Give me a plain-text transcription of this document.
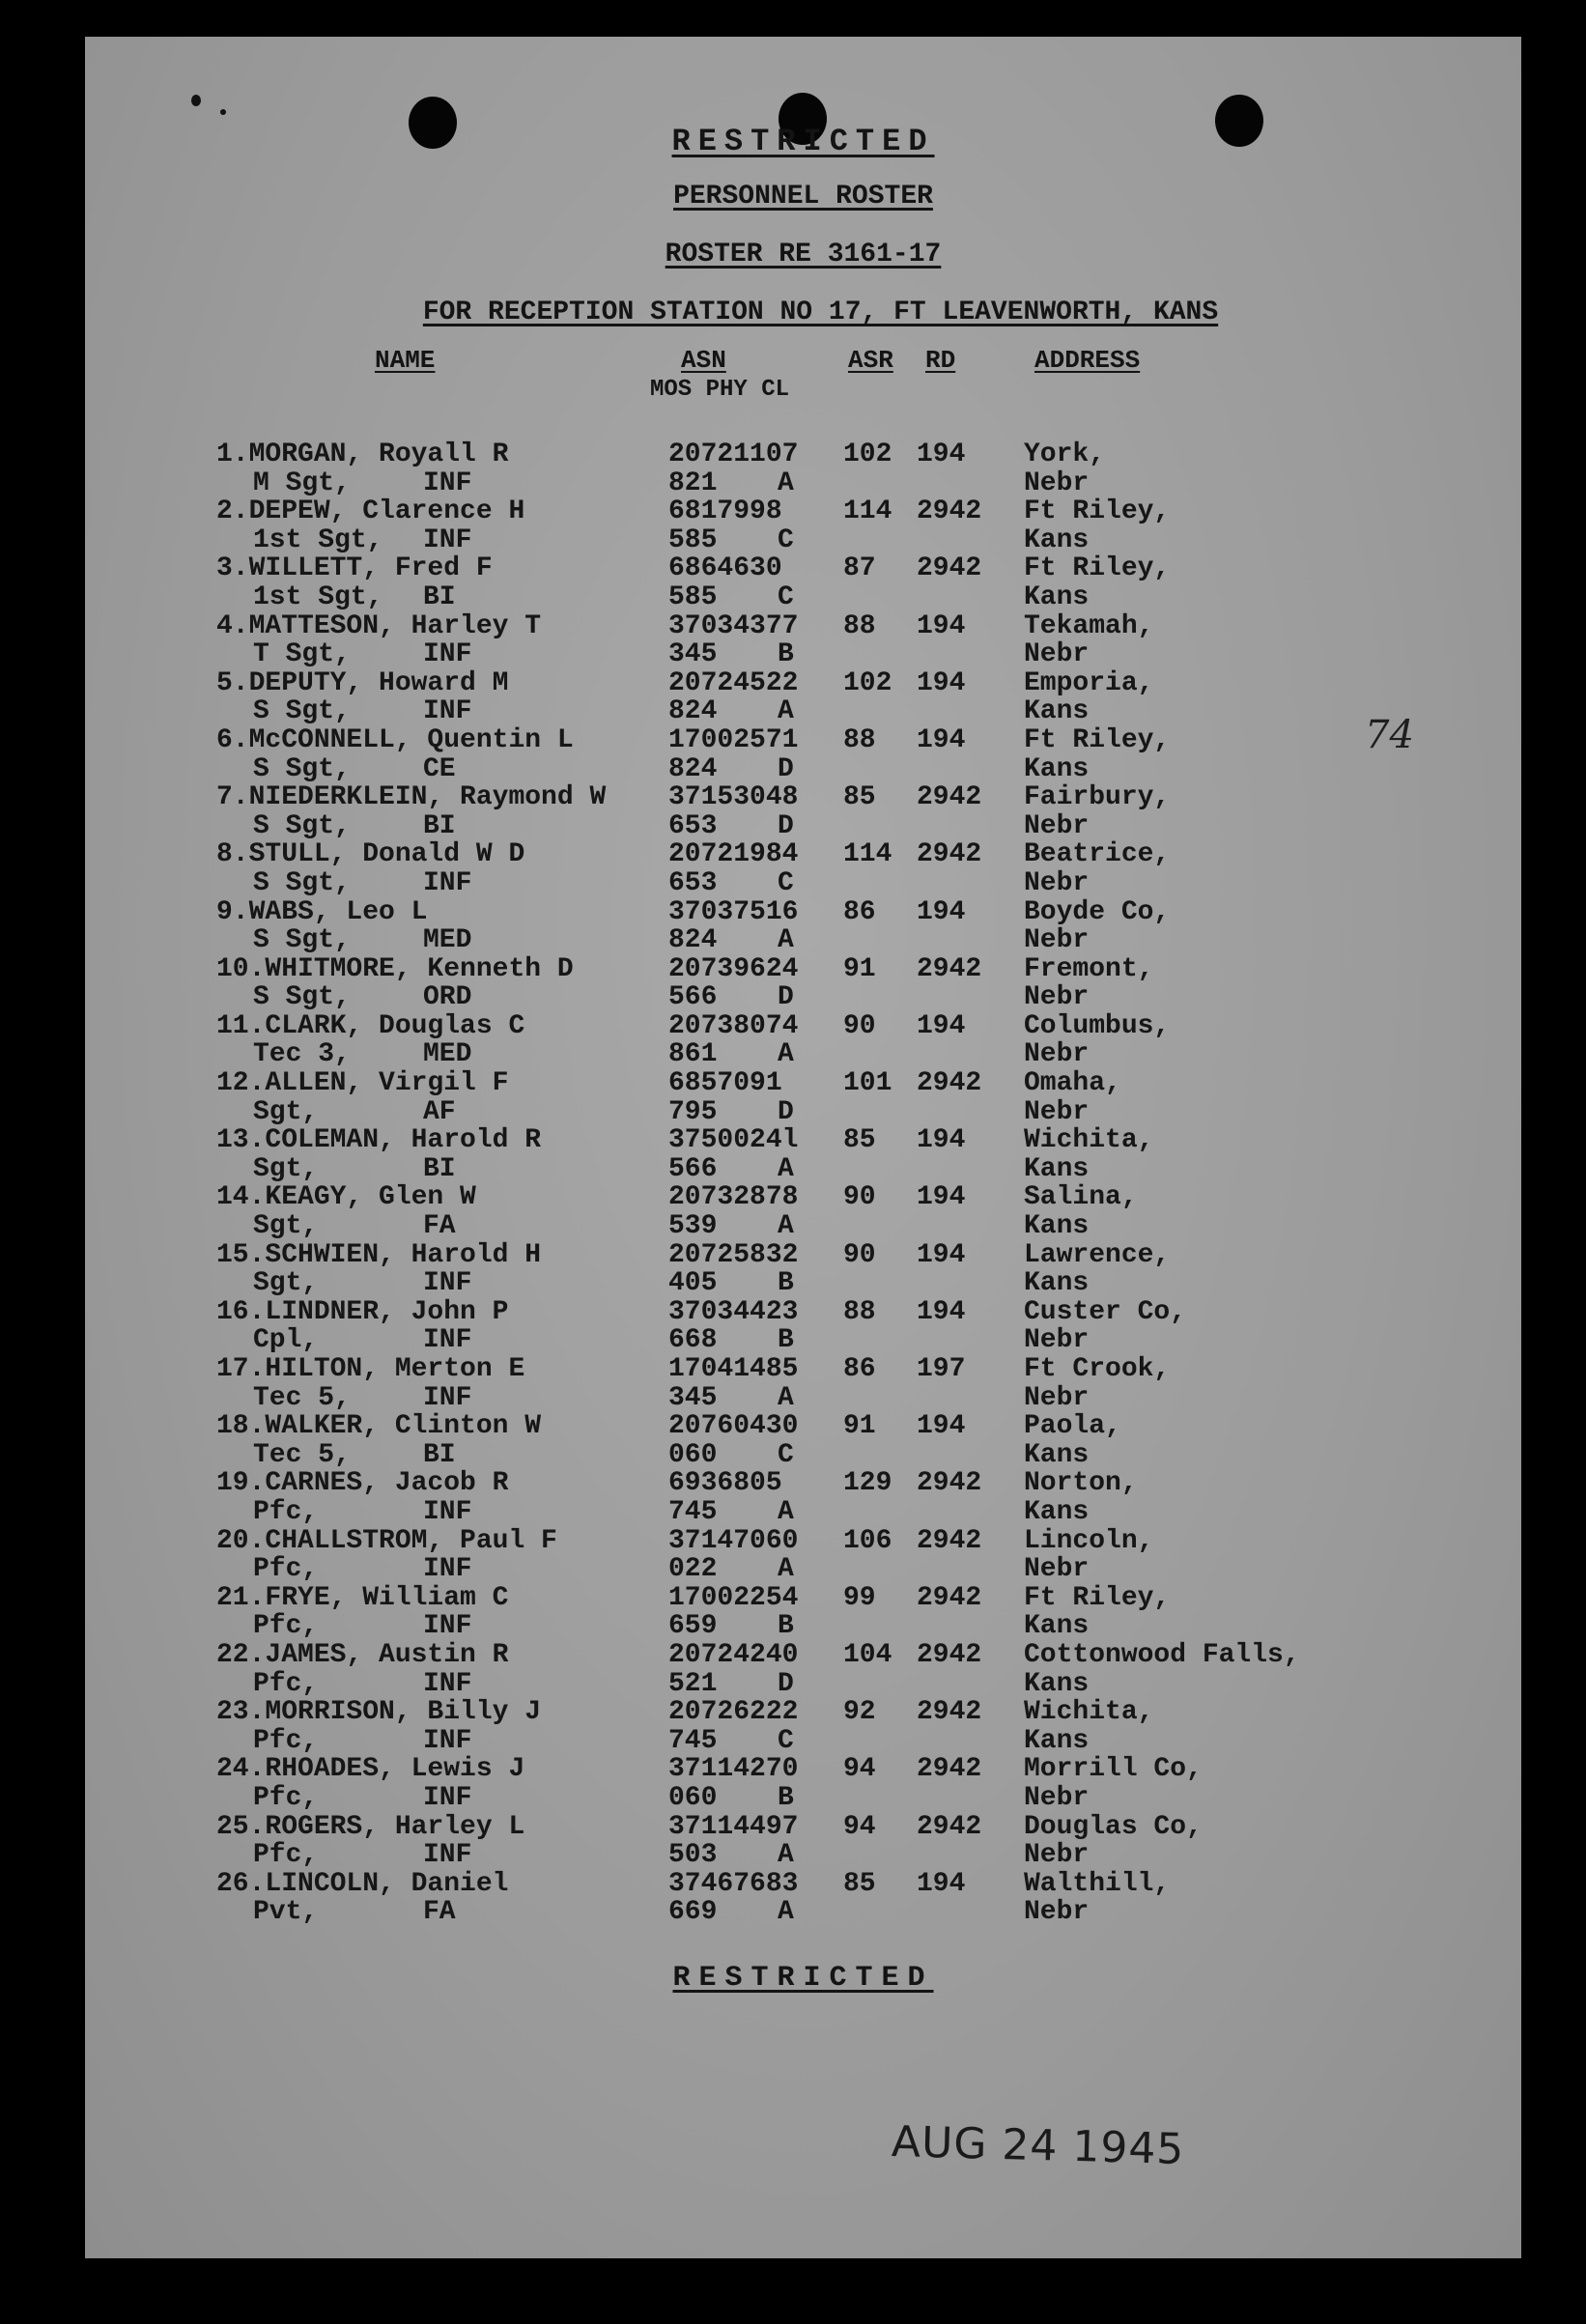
RESTRICTED
PERSONNEL ROSTER
ROSTER RE 3161-17
FOR RECEPTION STATION NO 17, FT LEAVENWORTH, KANS
NAME	ASN	ASR RD	ADDRESS
MOS PHY CL
1.MORGAN, Royall R	20721107 102 194 York,
M Sgt,	INF	821 A	Nebr
2.DEPEW, Clarence H	6817998 114 2942 Ft Riley,
1st Sgt, INF	585 C	Kans
3.WILLETT, Fred F	6864630 87 2942 Ft Riley,
1st Sgt, BI	585 C	Kans
4.MATTESON, Harley T	37034377 88 194 Tekamah,
T Sgt,	INF	345 B	Nebr
5.DEPUTY, Howard M	20724522 102 194 Emporia,
S Sgt,	INF	824 A	Kans
6.McCONNELL, Quentin L	17002571 88 194 Ft Riley,
S Sgt,	CE	824 D	Kans
7.NIEDERKLEIN, Raymond W 37153048 85 2942 Fairbury,
S Sgt,	BI	653 D	Nebr
8.STULL, Donald W D	20721984 114 2942 Beatrice,
S Sgt,	INF	653 C	Nebr
9.WABS, Leo L	37037516 86 194 Boyde Co,
S Sgt,	MED	824 A	Nebr
10.WHITMORE, Kenneth D	20739624 91 2942 Fremont,
S Sgt,	ORD	566 D	Nebr
11.CLARK, Douglas C	20738074 90 194 Columbus,
Tec 3,	MED	861 A	Nebr
12.ALLEN, Virgil F	6857091 101 2942 Omaha,
Sgt,	AF	795 D	Nebr
13.COLEMAN, Harold R	3750024l 85 194 Wichita,
Sgt,	BI	566 A	Kans
14.KEAGY, Glen W	20732878 90 194 Salina,
Sgt,	FA	539 A	Kans
15.SCHWIEN, Harold H	20725832 90 194 Lawrence,
Sgt,	INF	405 B	Kans
16.LINDNER, John P	37034423 88 194 Custer Co,
Cpl,	INF	668 B	Nebr
17.HILTON, Merton E	17041485 86 197 Ft Crook,
Tec 5,	INF	345 A	Nebr
18.WALKER, Clinton W	20760430 91 194 Paola,
Tec 5,	BI	060 C	Kans
19.CARNES, Jacob R	6936805 129 2942 Norton,
Pfc,	INF	745 A	Kans
20.CHALLSTROM, Paul F	37147060 106 2942 Lincoln,
Pfc,	INF	022 A	Nebr
21.FRYE, William C	17002254 99 2942 Ft Riley,
Pfc,	INF	659 B	Kans
22.JAMES, Austin R	20724240 104 2942 Cottonwood Falls,
Pfc,	INF	521 D	Kans
23.MORRISON, Billy J	20726222 92 2942 Wichita,
Pfc,	INF	745 C	Kans
24.RHOADES, Lewis J	37114270 94 2942 Morrill Co,
Pfc,	INF	060 B	Nebr
25.ROGERS, Harley L	37114497 94 2942 Douglas Co,
Pfc,	INF	503 A	Nebr
26.LINCOLN, Daniel	37467683 85 194 Walthill,
Pvt,	FA	669 A	Nebr
RESTRICTED
AUG 24 1945
74
